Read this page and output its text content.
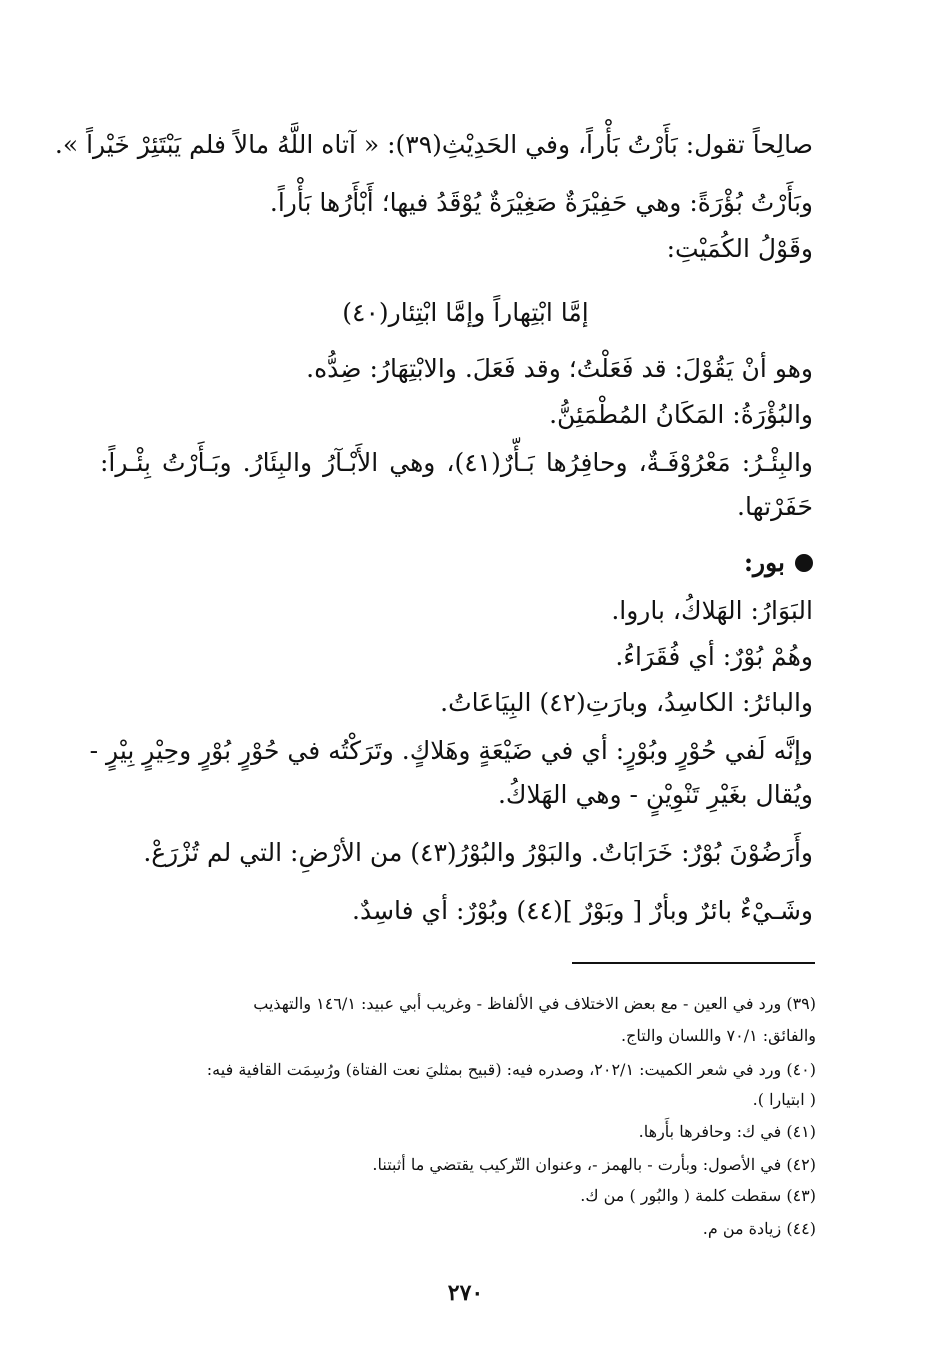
صالِحاً تقول: بَأَرْتُ بَأْراً، وفي الحَدِيْثِ(٣٩): « آتاه اللَّهُ مالاً فلم يَبْتَئِرْ خَيْراً ».
وبَأَرْتُ بُؤْرَةً: وهي حَفِيْرَةٌ صَغِيْرَةٌ يُوْقَدُ فيها؛ أَبْأَرُها بَأْراً.
وقَوْلُ الكُمَيْتِ:
إمَّا ابْتِهاراً وإمَّا ابْتِئار(٤٠)
وهو أنْ يَقُوْلَ: قد فَعَلْتُ؛ وقد فَعَلَ. والابْتِهَارُ: ضِدُّه.
والبُؤْرَةُ: المَكَانُ المُطْمَئِنُّ.
والبِئْـرُ: مَعْرُوْفَـةٌ، وحافِرُها بَـأّرٌ(٤١)، وهي الأَبْـآرُ والبِئَارُ. وبَـأَرْتُ بِئْـراً:
حَفَرْتها.
بور:
البَوَارُ: الهَلاكُ، باروا.
وهُمْ بُوْرٌ: أي فُقَرَاءُ.
والبائرُ: الكاسِدُ، وبارَتِ(٤٢) البِيَاعَاتُ.
وإنَّه لَفي حُوْرٍ وبُوْرٍ: أي في ضَيْعَةٍ وهَلاكٍ. وتَرَكْتُه في حُوْرٍ بُوْرٍ وحِيْرٍ بِيْرٍ -
ويُقال بغَيْرِ تَنْوِيْنٍ - وهي الهَلاكُ.
وأَرَضُوْنَ بُوْرٌ: خَرَابَاتٌ. والبَوْرُ والبُوْرُ(٤٣) من الأرْضِ: التي لم تُزْرَعْ.
وشَـيْءٌ بائرٌ وبأرٌ [ وبَوْرٌ ](٤٤) وبُوْرٌ: أي فاسِدٌ.
(٣٩) ورد في العين - مع بعض الاختلاف في الألفاظ - وغريب أبي عبيد: ١٤٦/١ والتهذيب
والفائق: ٧٠/١ واللسان والتاج.
(٤٠) ورد في شعر الكميت: ٢٠٢/١، وصدره فيه: (قبيح بمثليَ نعت الفتاة) ورُسِمَت القافية فيه:
( ابتيارا ).
(٤١) في ك: وحافرها بأَرها.
(٤٢) في الأصول: وبأرت - بالهمز -، وعنوان التّركيب يقتضي ما أثبتنا.
(٤٣) سقطت كلمة ( والبُور ) من ك.
(٤٤) زيادة من م.
٢٧٠
